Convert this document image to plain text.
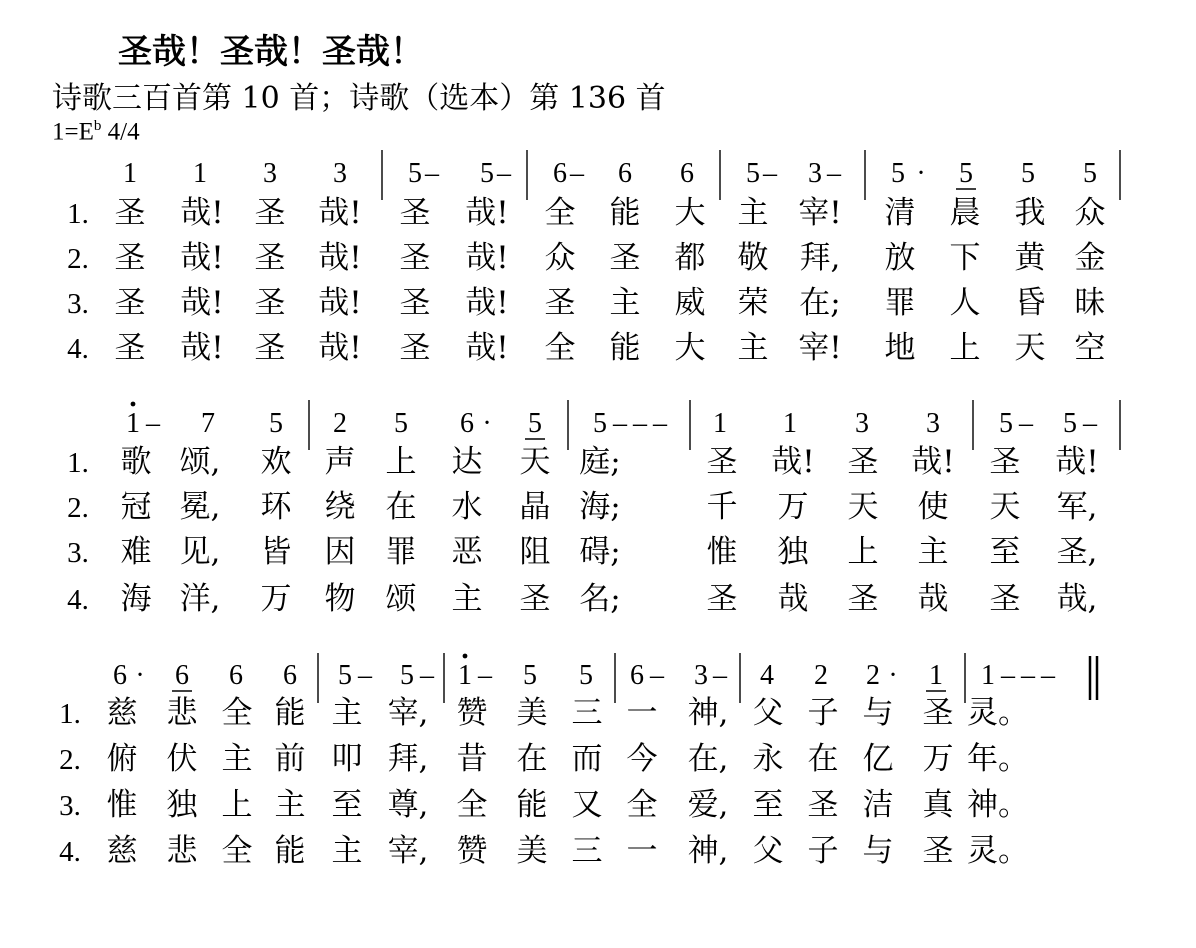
圣哉！圣哉！圣哉！
诗歌三百首第 10 首；诗歌（选本）第 136 首
$1=E^b$ 4/4
1 1 3 3 5 – 5 – 6 – 6 6 5 – 3 – 5 · 5 5 5
1. 圣 哉! 圣 哉! 圣 哉! 全 能 大 主 宰! 清 晨 我 众
2. 圣 哉! 圣 哉! 圣 哉! 众 圣 都 敬 拜, 放 下 黄 金
3. 圣 哉! 圣 哉! 圣 哉! 圣 主 威 荣 在; 罪 人 昏 昧
4. 圣 哉! 圣 哉! 圣 哉! 全 能 大 主 宰! 地 上 天 空
1 – 7 5 2 5 6 · 5 5 – – – 1 1 3 3 5 – 5 –
1. 歌 颂, 欢 声 上 达 天 庭;	圣 哉! 圣 哉! 圣 哉!
2. 冠 冕, 环 绕 在 水 晶 海;	千 万 天 使 天 军,
3. 难 见, 皆 因 罪 恶 阻 碍;	惟 独 上 主 至 圣,
4. 海 洋, 万 物 颂 主 圣 名;	圣 哉 圣 哉 圣 哉,
6 · 6 6 6 5 – 5 – 1 – 5 5 6 – 3 – 4 2 2 · 1 1 – – –
1. 慈 悲 全 能 主 宰, 赞 美 三 一 神, 父 子 与 圣 灵。
2. 俯 伏 主 前 叩 拜, 昔 在 而 今 在, 永 在 亿 万 年。
3. 惟 独 上 主 至 尊, 全 能 又 全 爱, 至 圣 洁 真 神。
4. 慈 悲 全 能 主 宰, 赞 美 三 一 神, 父 子 与 圣 灵。
